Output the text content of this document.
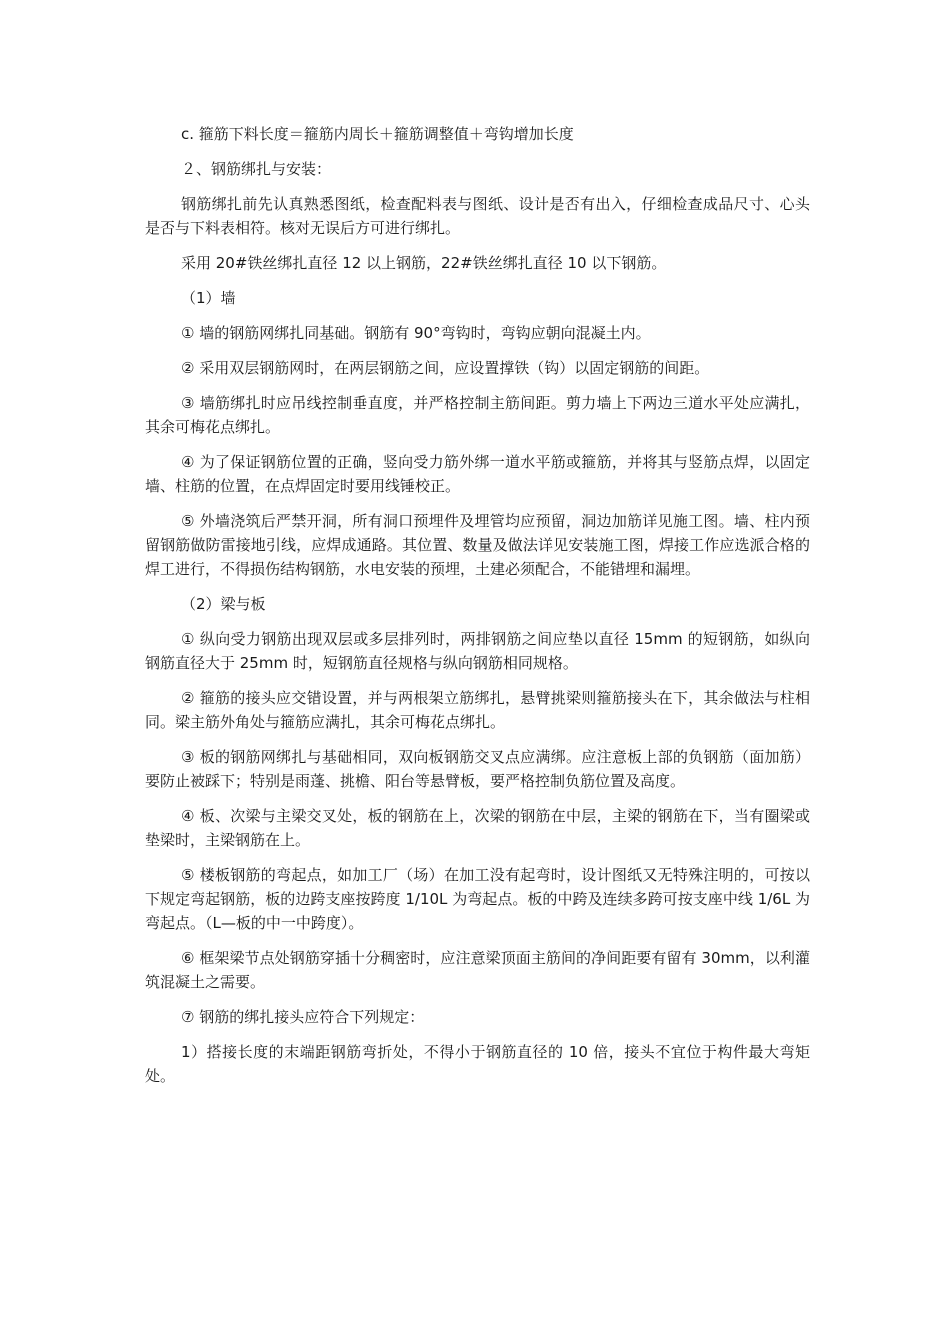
c. 箍筋下料长度＝箍筋内周长＋箍筋调整值＋弯钩增加长度

２、钢筋绑扎与安装：

钢筋绑扎前先认真熟悉图纸，检查配料表与图纸、设计是否有出入，仔细检查成品尺寸、心头是否与下料表相符。核对无误后方可进行绑扎。

采用 20#铁丝绑扎直径 12 以上钢筋，22#铁丝绑扎直径 10 以下钢筋。

（1）墙

① 墙的钢筋网绑扎同基础。钢筋有 90°弯钩时，弯钩应朝向混凝土内。

② 采用双层钢筋网时，在两层钢筋之间，应设置撑铁（钩）以固定钢筋的间距。

③ 墙筋绑扎时应吊线控制垂直度，并严格控制主筋间距。剪力墙上下两边三道水平处应满扎，其余可梅花点绑扎。

④ 为了保证钢筋位置的正确，竖向受力筋外绑一道水平筋或箍筋，并将其与竖筋点焊，以固定墙、柱筋的位置，在点焊固定时要用线锤校正。

⑤ 外墙浇筑后严禁开洞，所有洞口预埋件及埋管均应预留，洞边加筋详见施工图。墙、柱内预留钢筋做防雷接地引线，应焊成通路。其位置、数量及做法详见安装施工图，焊接工作应选派合格的焊工进行，不得损伤结构钢筋，水电安装的预埋，土建必须配合，不能错埋和漏埋。

（2）梁与板

① 纵向受力钢筋出现双层或多层排列时，两排钢筋之间应垫以直径 15mm 的短钢筋，如纵向钢筋直径大于 25mm 时，短钢筋直径规格与纵向钢筋相同规格。

② 箍筋的接头应交错设置，并与两根架立筋绑扎，悬臂挑梁则箍筋接头在下，其余做法与柱相同。梁主筋外角处与箍筋应满扎，其余可梅花点绑扎。

③ 板的钢筋网绑扎与基础相同，双向板钢筋交叉点应满绑。应注意板上部的负钢筋（面加筋）要防止被踩下；特别是雨蓬、挑檐、阳台等悬臂板，要严格控制负筋位置及高度。

④ 板、次梁与主梁交叉处，板的钢筋在上，次梁的钢筋在中层，主梁的钢筋在下，当有圈梁或垫梁时，主梁钢筋在上。

⑤ 楼板钢筋的弯起点，如加工厂（场）在加工没有起弯时，设计图纸又无特殊注明的，可按以下规定弯起钢筋，板的边跨支座按跨度 1/10L 为弯起点。板的中跨及连续多跨可按支座中线 1/6L 为弯起点。（L—板的中一中跨度）。

⑥ 框架梁节点处钢筋穿插十分稠密时，应注意梁顶面主筋间的净间距要有留有 30mm，以利灌筑混凝土之需要。

⑦ 钢筋的绑扎接头应符合下列规定：

1）搭接长度的末端距钢筋弯折处，不得小于钢筋直径的 10 倍，接头不宜位于构件最大弯矩处。
